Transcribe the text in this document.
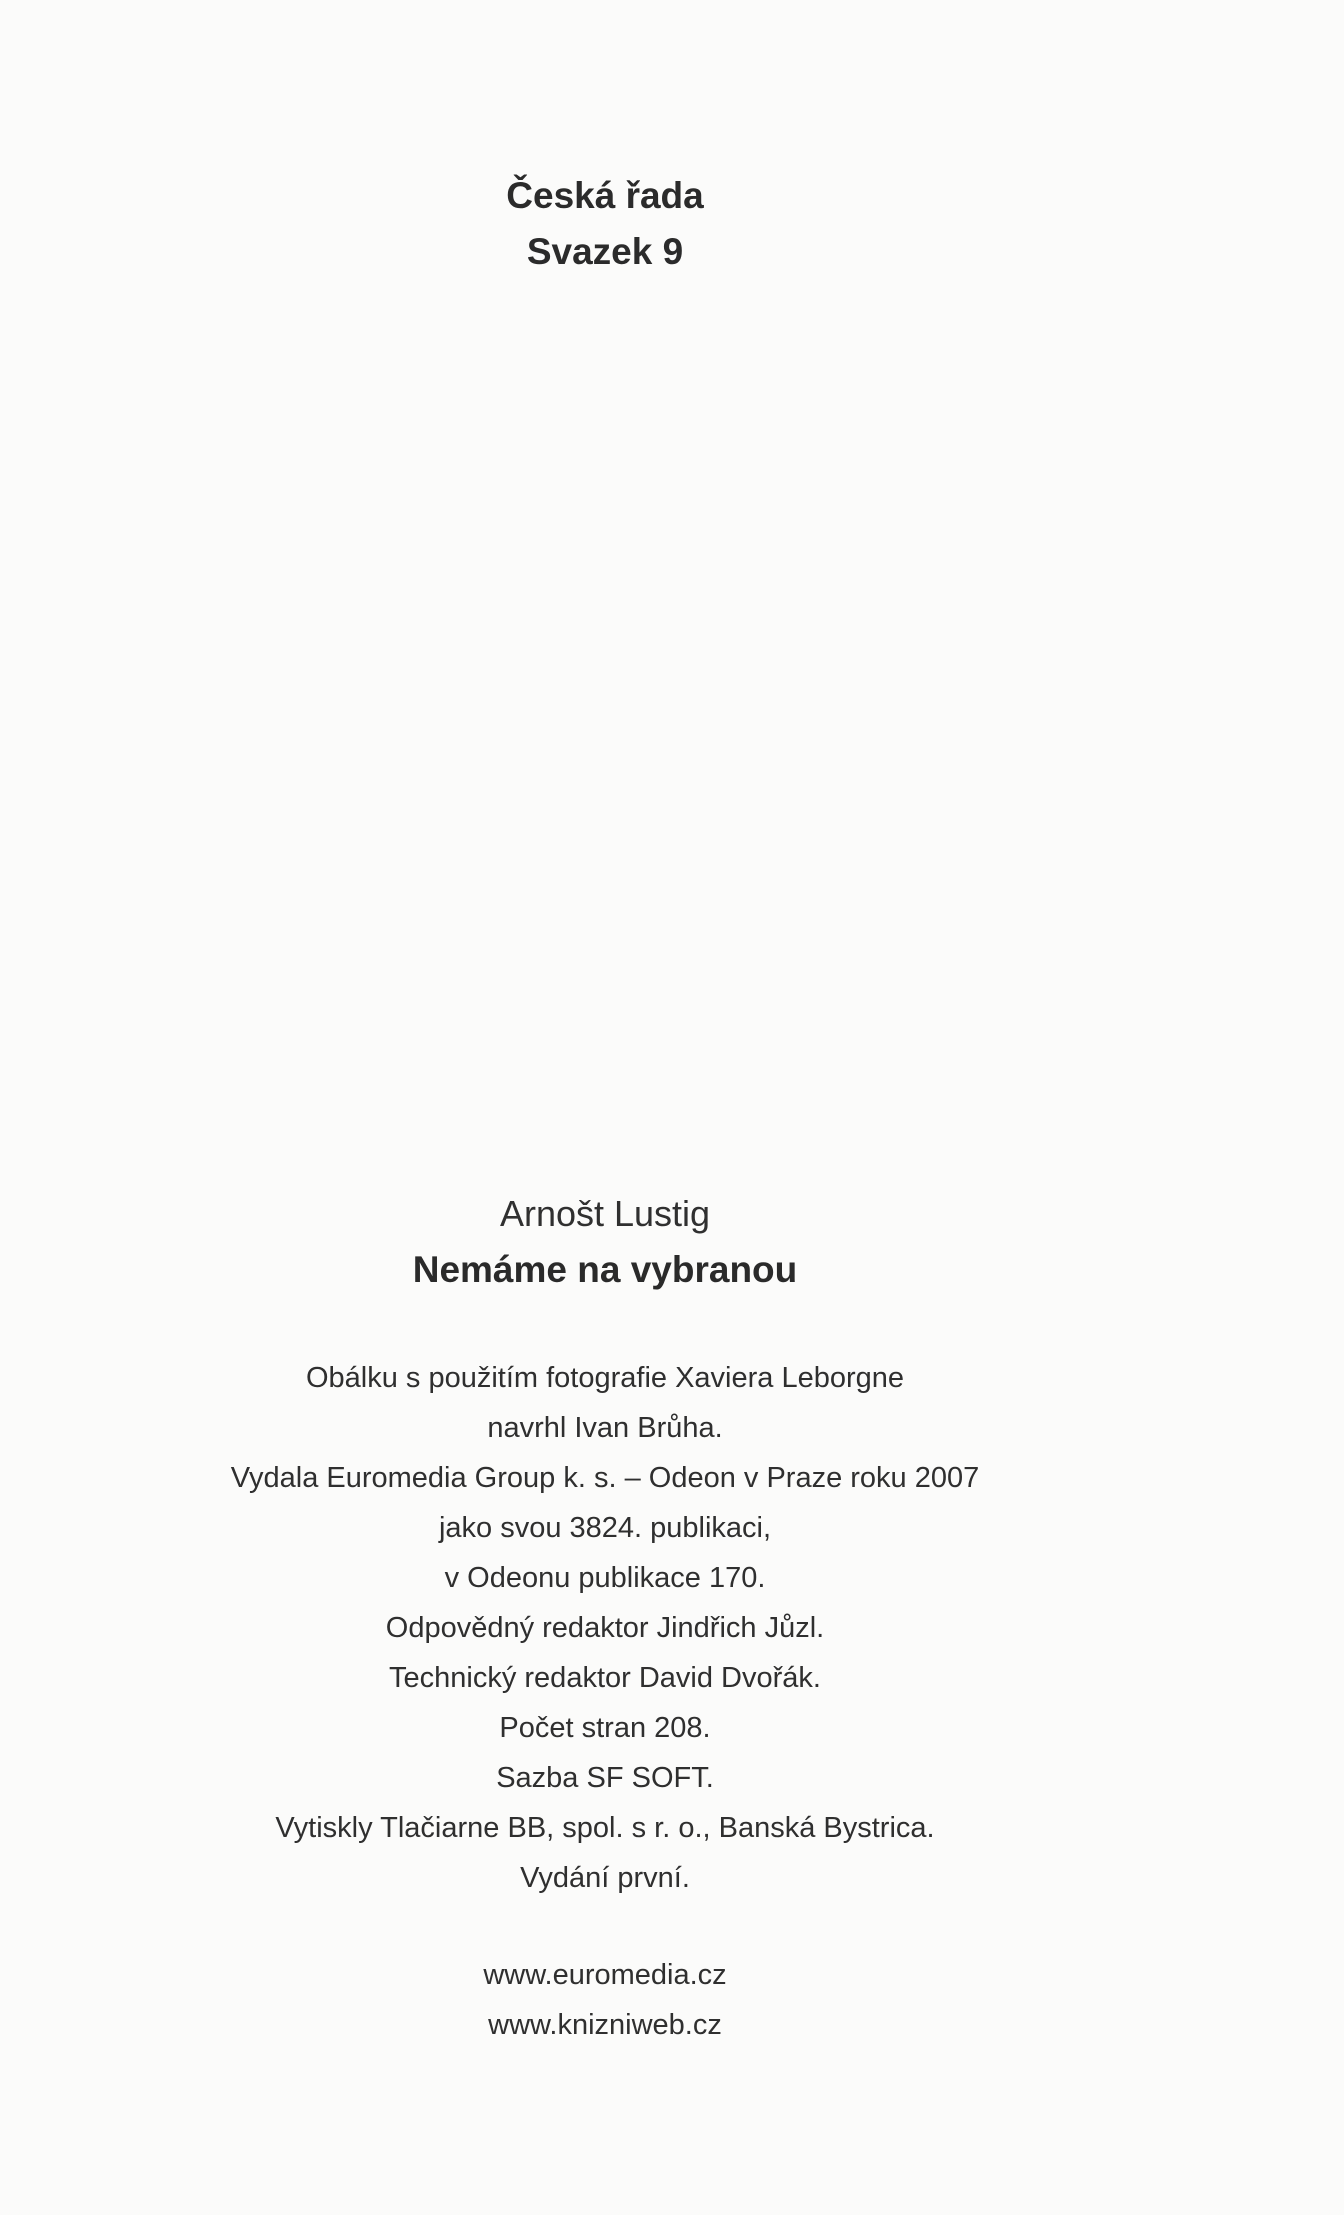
Česká řada
Svazek 9
Arnošt Lustig
Nemáme na vybranou
Obálku s použitím fotografie Xaviera Leborgne
navrhl Ivan Brůha.
Vydala Euromedia Group k. s. – Odeon v Praze roku 2007
jako svou 3824. publikaci,
v Odeonu publikace 170.
Odpovědný redaktor Jindřich Jůzl.
Technický redaktor David Dvořák.
Počet stran 208.
Sazba SF SOFT.
Vytiskly Tlačiarne BB, spol. s r. o., Banská Bystrica.
Vydání první.
www.euromedia.cz
www.knizniweb.cz
